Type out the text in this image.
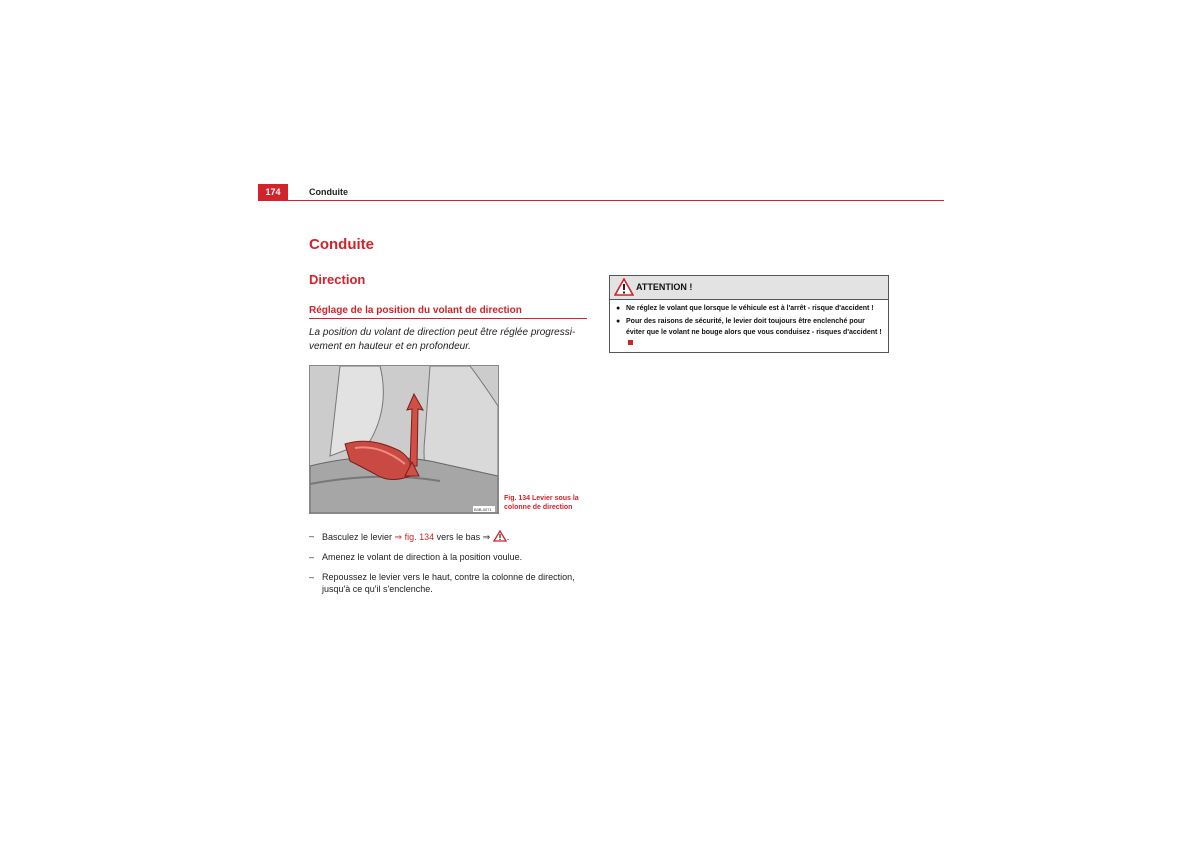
174	Conduite
Conduite
Direction
Réglage de la position du volant de direction
La position du volant de direction peut être réglée progressi-vement en hauteur et en profondeur.
B3B-0071
Fig. 134 Levier sous la colonne de direction
– Basculez le levier ⇒ fig. 134 vers le bas ⇒ .
– Amenez le volant de direction à la position voulue.
– Repoussez le levier vers le haut, contre la colonne de direction, jusqu'à ce qu'il s'enclenche.
ATTENTION !
● Ne réglez le volant que lorsque le véhicule est à l'arrêt - risque d'accident !
● Pour des raisons de sécurité, le levier doit toujours être enclenché pour éviter que le volant ne bouge alors que vous conduisez - risques d'accident !
